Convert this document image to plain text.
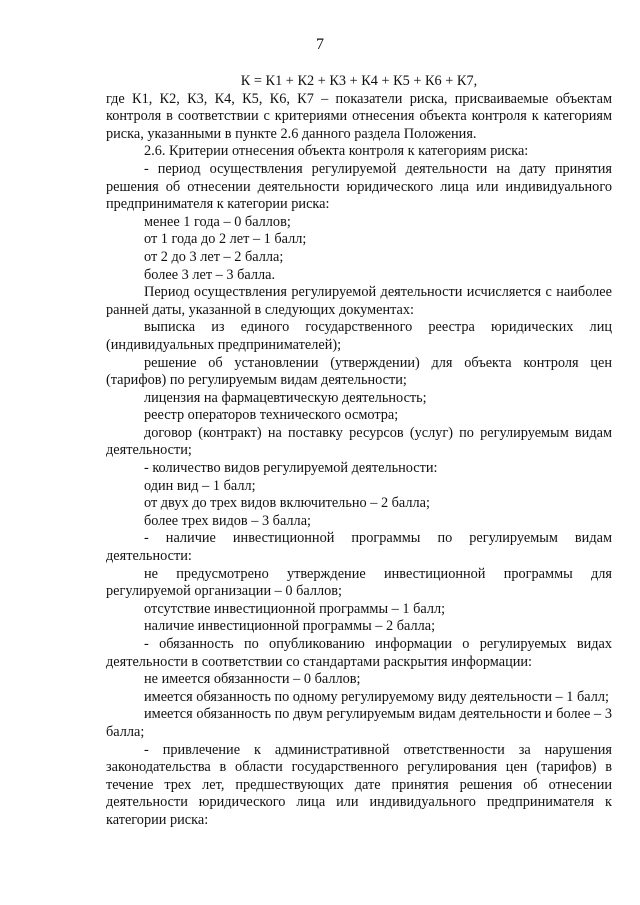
7

К = К1 + К2 + К3 + К4 + К5 + К6 + К7,

где К1, К2, К3, К4, К5, К6, К7 – показатели риска, присваиваемые объектам контроля в соответствии с критериями отнесения объекта контроля к категориям риска, указанными в пункте 2.6 данного раздела Положения.

2.6. Критерии отнесения объекта контроля к категориям риска:

- период осуществления регулируемой деятельности на дату принятия решения об отнесении деятельности юридического лица или индивидуального предпринимателя к категории риска:

менее 1 года – 0 баллов;

от 1 года до 2 лет – 1 балл;

от 2 до 3 лет – 2 балла;

более 3 лет – 3 балла.

Период осуществления регулируемой деятельности исчисляется с наиболее ранней даты, указанной в следующих документах:

выписка из единого государственного реестра юридических лиц (индивидуальных предпринимателей);

решение об установлении (утверждении) для объекта контроля цен (тарифов) по регулируемым видам деятельности;

лицензия на фармацевтическую деятельность;

реестр операторов технического осмотра;

договор (контракт) на поставку ресурсов (услуг) по регулируемым видам деятельности;

- количество видов регулируемой деятельности:

один вид – 1 балл;

от двух до трех видов включительно – 2 балла;

более трех видов – 3 балла;

- наличие инвестиционной программы по регулируемым видам деятельности:

не предусмотрено утверждение инвестиционной программы для регулируемой организации – 0 баллов;

отсутствие инвестиционной программы – 1 балл;

наличие инвестиционной программы – 2 балла;

- обязанность по опубликованию информации о регулируемых видах деятельности в соответствии со стандартами раскрытия информации:

не имеется обязанности – 0 баллов;

имеется обязанность по одному регулируемому виду деятельности – 1 балл;

имеется обязанность по двум регулируемым видам деятельности и более – 3 балла;

- привлечение к административной ответственности за нарушения законодательства в области государственного регулирования цен (тарифов) в течение трех лет, предшествующих дате принятия решения об отнесении деятельности юридического лица или индивидуального предпринимателя к категории риска:
